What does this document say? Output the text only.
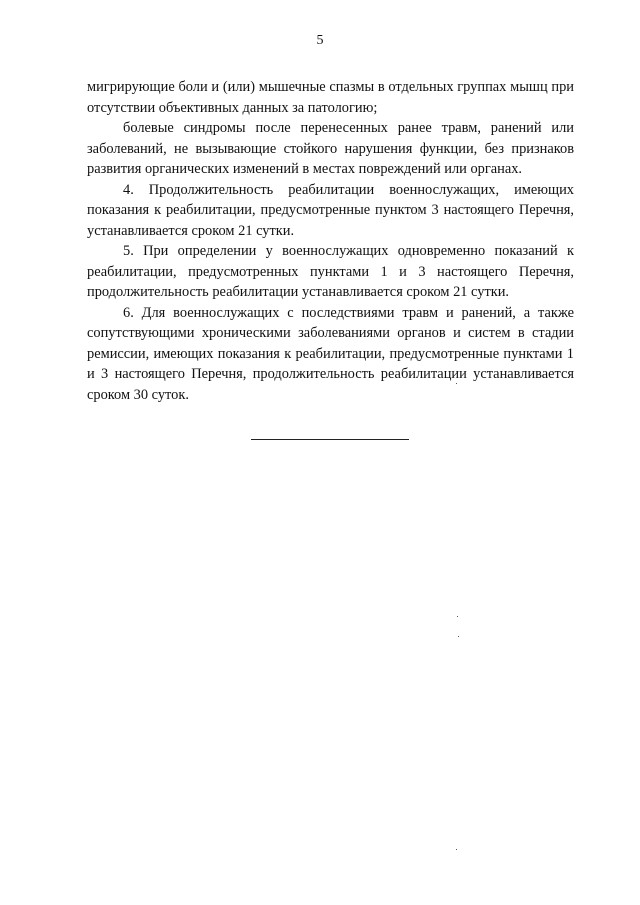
5

мигрирующие боли и (или) мышечные спазмы в отдельных группах мышц при отсутствии объективных данных за патологию;

болевые синдромы после перенесенных ранее травм, ранений или заболеваний, не вызывающие стойкого нарушения функции, без признаков развития органических изменений в местах повреждений или органах.

4. Продолжительность реабилитации военнослужащих, имеющих показания к реабилитации, предусмотренные пунктом 3 настоящего Перечня, устанавливается сроком 21 сутки.

5. При определении у военнослужащих одновременно показаний к реабилитации, предусмотренных пунктами 1 и 3 настоящего Перечня, продолжительность реабилитации устанавливается сроком 21 сутки.

6. Для военнослужащих с последствиями травм и ранений, а также сопутствующими хроническими заболеваниями органов и систем в стадии ремиссии, имеющих показания к реабилитации, предусмотренные пунктами 1 и 3 настоящего Перечня, продолжительность реабилитации устанавливается сроком 30 суток.
